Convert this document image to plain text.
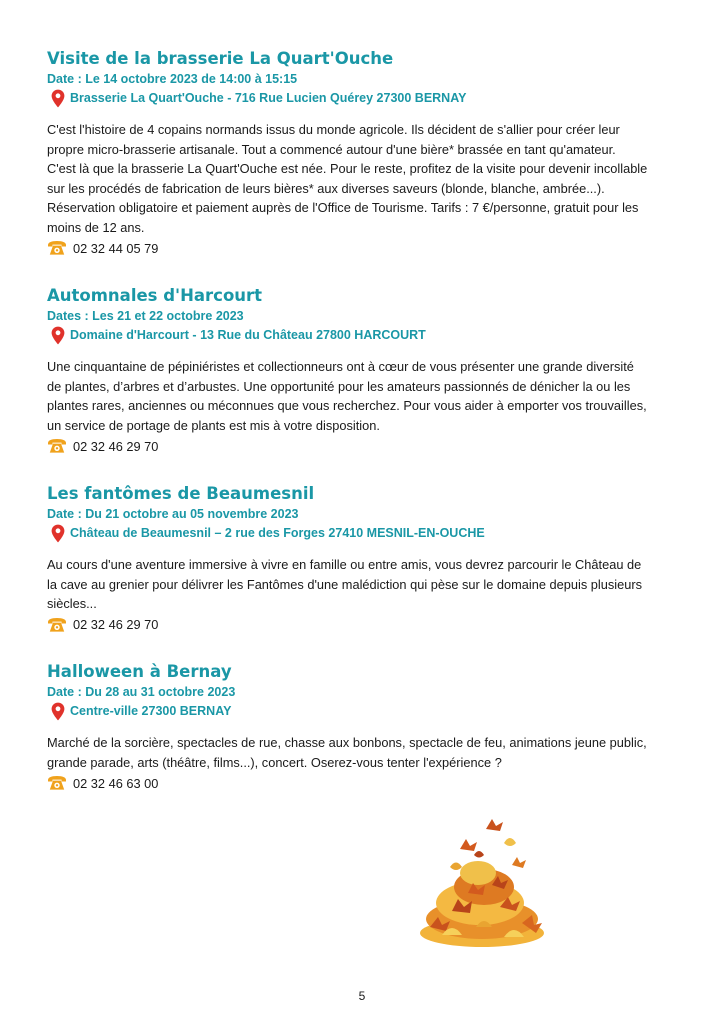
Visite de la brasserie La Quart'Ouche
Date : Le 14 octobre 2023 de 14:00 à 15:15
Brasserie La Quart'Ouche - 716 Rue Lucien Quérey 27300 BERNAY
C'est l'histoire de 4 copains normands issus du monde agricole. Ils décident de s'allier pour créer leur
propre micro-brasserie artisanale. Tout a commencé autour d'une bière* brassée en tant qu'amateur.
C'est là que la brasserie La Quart'Ouche est née. Pour le reste, profitez de la visite pour devenir incollable
sur les procédés de fabrication de leurs bières* aux diverses saveurs (blonde, blanche, ambrée...).
Réservation obligatoire et paiement auprès de l'Office de Tourisme. Tarifs : 7 €/personne, gratuit pour les
moins de 12 ans.
02 32 44 05 79
Automnales d'Harcourt
Dates : Les 21 et 22 octobre 2023
Domaine d'Harcourt - 13 Rue du Château 27800 HARCOURT
Une cinquantaine de pépiniéristes et collectionneurs ont à cœur de vous présenter une grande diversité
de plantes, d’arbres et d’arbustes. Une opportunité pour les amateurs passionnés de dénicher la ou les
plantes rares, anciennes ou méconnues que vous recherchez. Pour vous aider à emporter vos trouvailles,
un service de portage de plants est mis à votre disposition.
02 32 46 29 70
Les fantômes de Beaumesnil
Date : Du 21 octobre au 05 novembre 2023
Château de Beaumesnil – 2 rue des Forges 27410 MESNIL-EN-OUCHE
Au cours d'une aventure immersive à vivre en famille ou entre amis, vous devrez parcourir le Château de
la cave au grenier pour délivrer les Fantômes d'une malédiction qui pèse sur le domaine depuis plusieurs
siècles...
02 32 46 29 70
Halloween à Bernay
Date : Du 28 au 31 octobre 2023
Centre-ville 27300 BERNAY
Marché de la sorcière, spectacles de rue, chasse aux bonbons, spectacle de feu, animations jeune public,
grande parade, arts (théâtre, films...), concert. Oserez-vous tenter l'expérience ?
02 32 46 63 00
5
